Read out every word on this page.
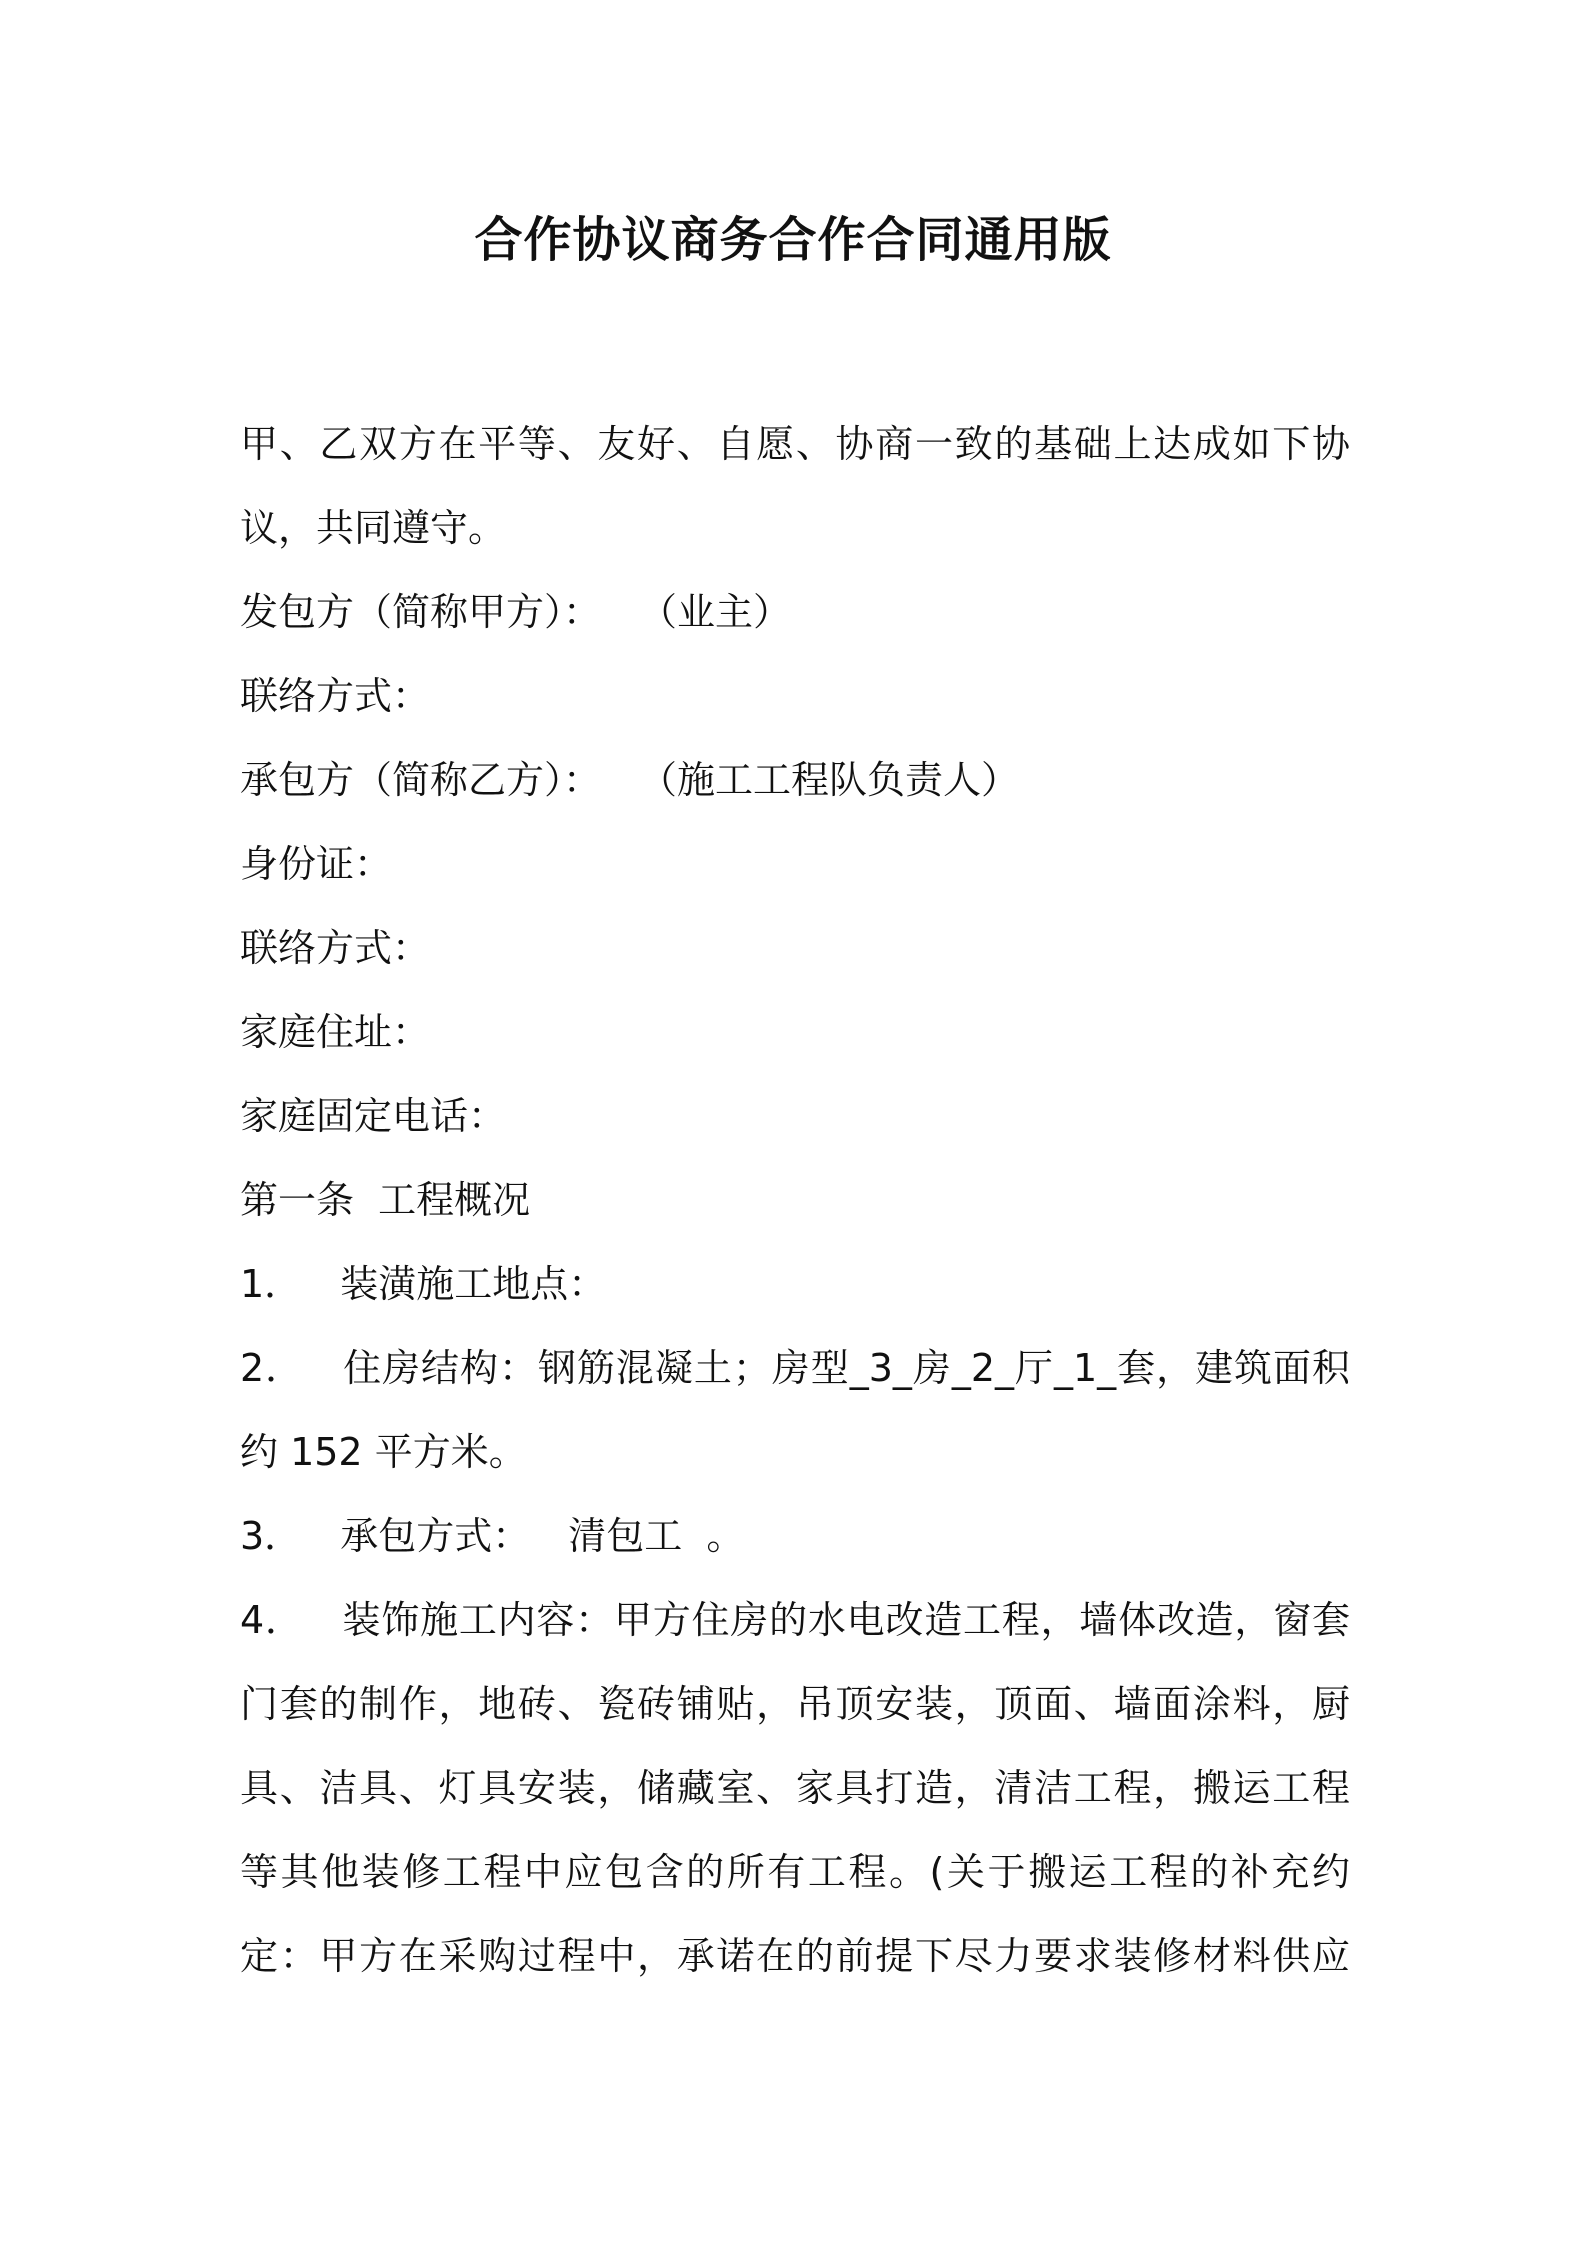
合作协议商务合作合同通用版
甲、乙双方在平等、友好、自愿、协商一致的基础上达成如下协
议，共同遵守。
发包方（简称甲方）： （业主）
联络方式：
承包方（简称乙方）： （施工工程队负责人）
身份证：
联络方式：
家庭住址：
家庭固定电话：
第一条  工程概况
1． 装潢施工地点：
2． 住房结构：钢筋混凝土；房型_3_房_2_厅_1_套，建筑面积
约 152 平方米。
3． 承包方式： 清包工  。
4． 装饰施工内容：甲方住房的水电改造工程，墙体改造，窗套
门套的制作，地砖、瓷砖铺贴，吊顶安装，顶面、墙面涂料，厨
具、洁具、灯具安装，储藏室、家具打造，清洁工程，搬运工程
等其他装修工程中应包含的所有工程。(关于搬运工程的补充约
定：甲方在采购过程中，承诺在的前提下尽力要求装修材料供应
